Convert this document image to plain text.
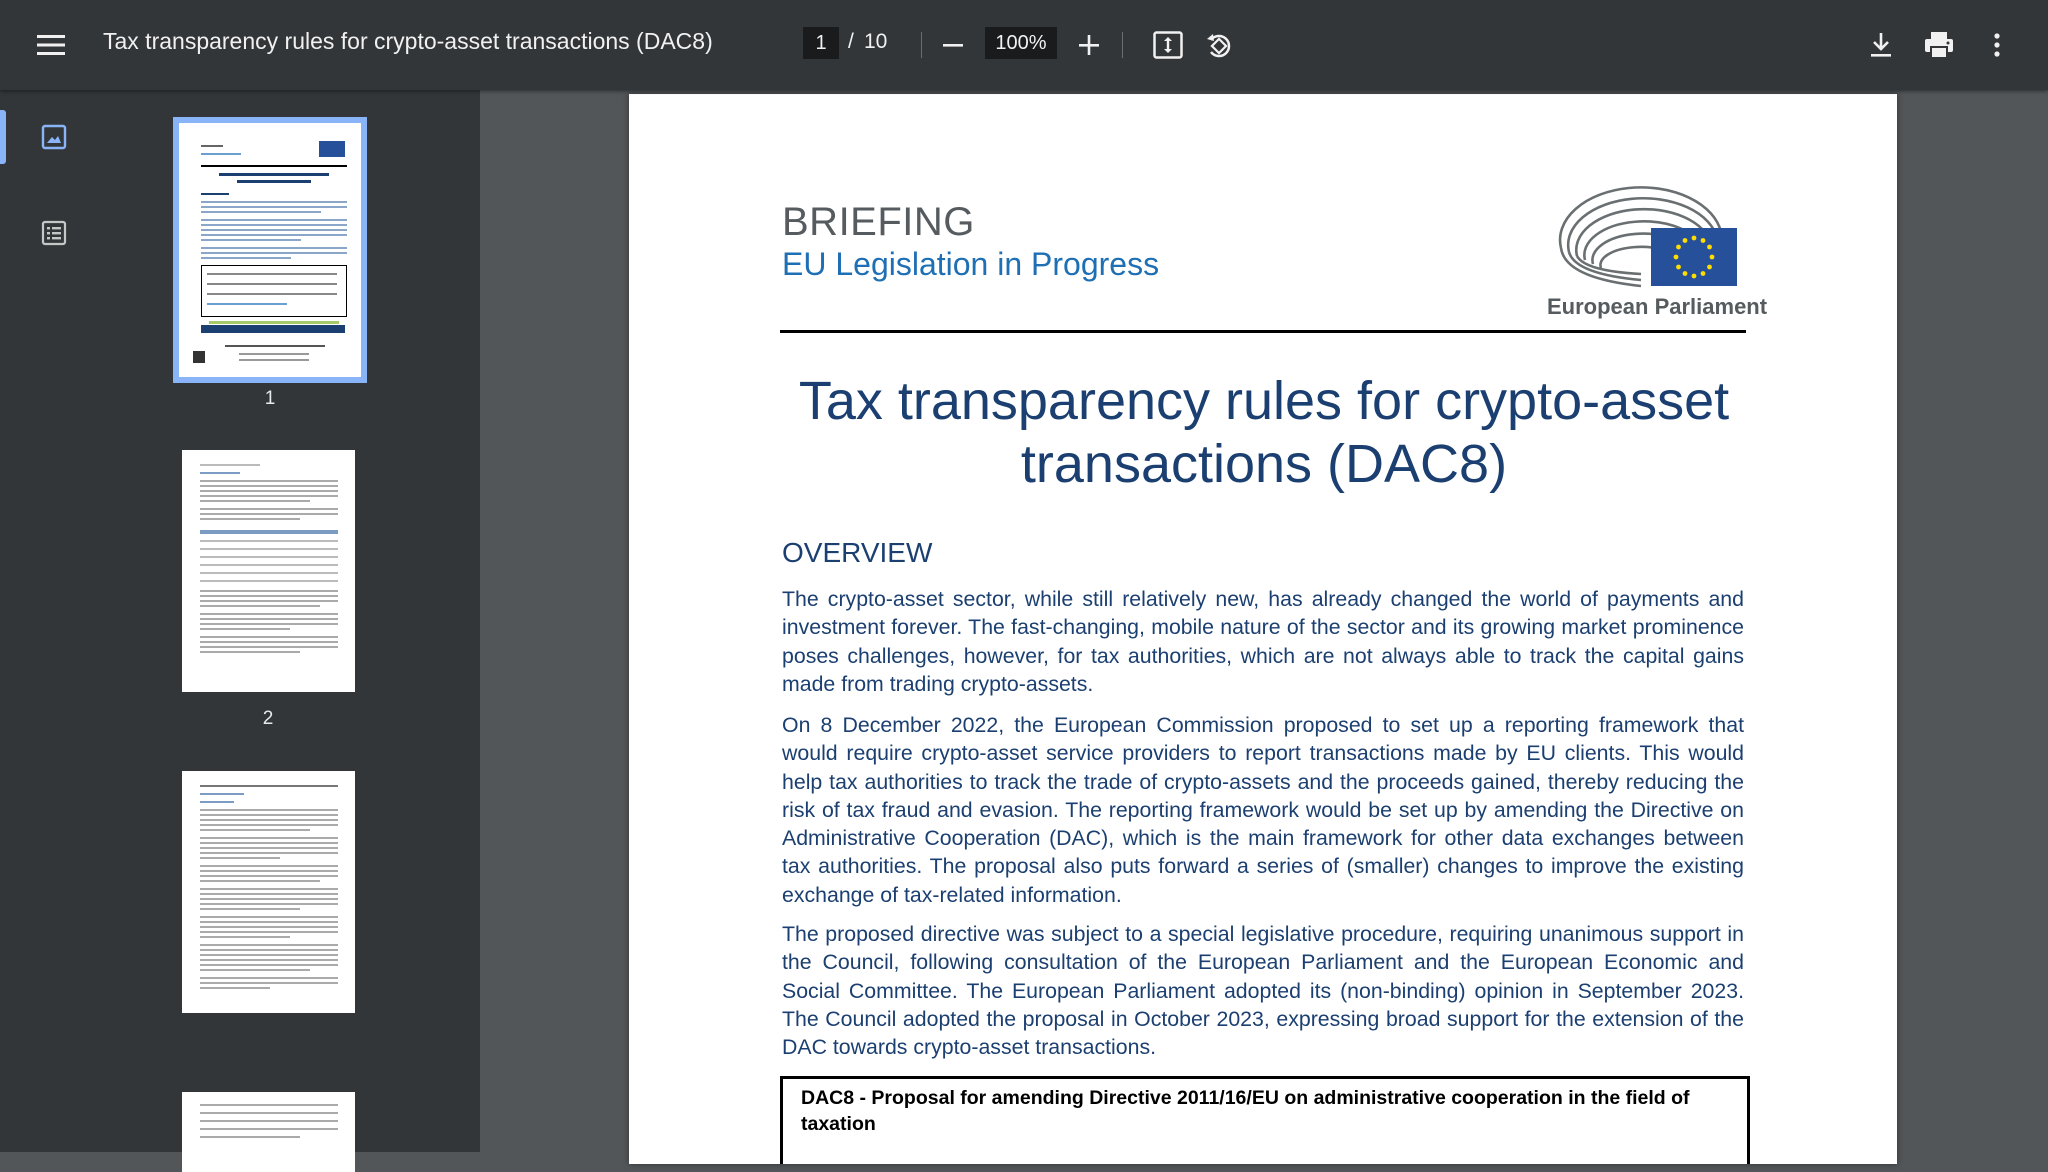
Tax transparency rules for crypto-asset transactions (DAC8)	1	/ 10	100%
1
2
BRIEFING
EU Legislation in Progress
European Parliament
Tax transparency rules for crypto-asset transactions (DAC8)
OVERVIEW
The crypto-asset sector, while still relatively new, has already changed the world of payments and investment forever. The fast-changing, mobile nature of the sector and its growing market prominence poses challenges, however, for tax authorities, which are not always able to track the capital gains made from trading crypto-assets.
On 8 December 2022, the European Commission proposed to set up a reporting framework that would require crypto-asset service providers to report transactions made by EU clients. This would help tax authorities to track the trade of crypto-assets and the proceeds gained, thereby reducing the risk of tax fraud and evasion. The reporting framework would be set up by amending the Directive on Administrative Cooperation (DAC), which is the main framework for other data exchanges between tax authorities. The proposal also puts forward a series of (smaller) changes to improve the existing exchange of tax-related information.
The proposed directive was subject to a special legislative procedure, requiring unanimous support in the Council, following consultation of the European Parliament and the European Economic and Social Committee. The European Parliament adopted its (non-binding) opinion in September 2023. The Council adopted the proposal in October 2023, expressing broad support for the extension of the DAC towards crypto-asset transactions.
DAC8 - Proposal for amending Directive 2011/16/EU on administrative cooperation in the field of taxation
